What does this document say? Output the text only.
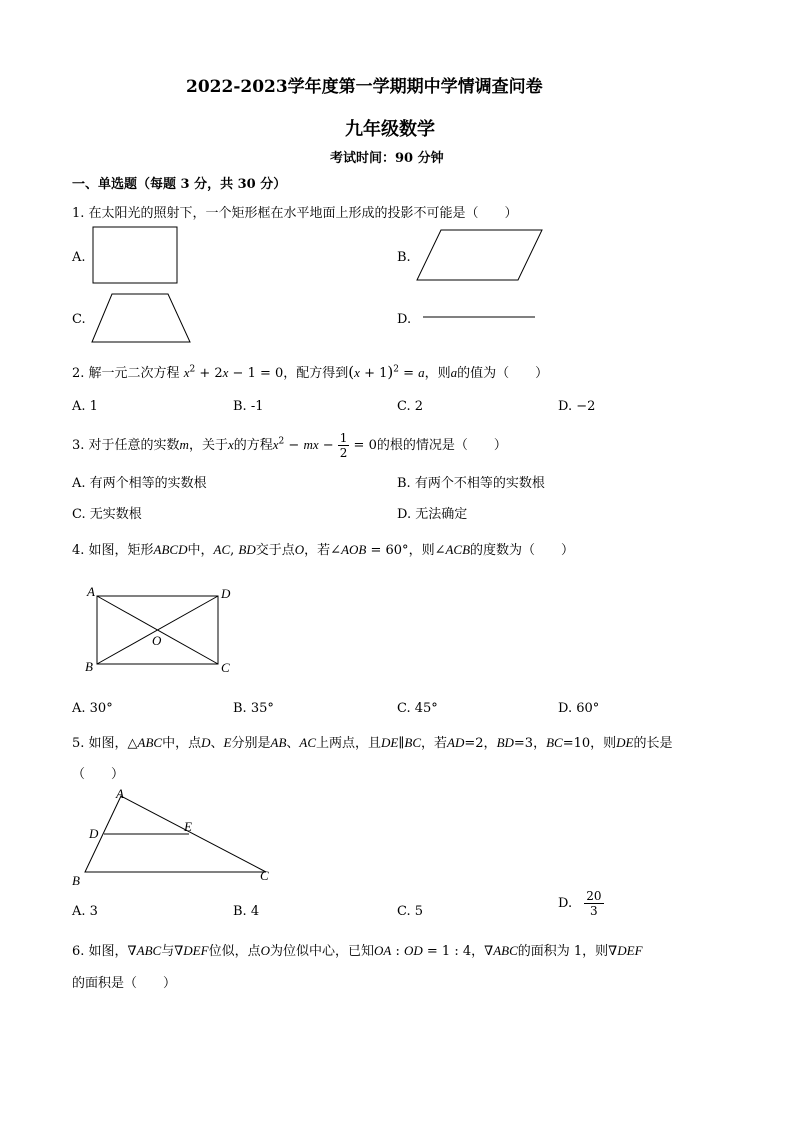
2022-2023学年度第一学期期中学情调查问卷
九年级数学
考试时间：90 分钟
一、单选题（每题 3 分，共 30 分）
1. 在太阳光的照射下，一个矩形框在水平地面上形成的投影不可能是（　　）
A.	B.
C.	D.
2. 解一元二次方程 $x^2 + 2x - 1 = 0$，配方得到$(x + 1)^2 = a$，则a的值为（　　）
A. 1	B. -1	C. 2	D. −2
3. 对于任意的实数m，关于x的方程$x^2$ − mx − $\frac{1}{2} = 0$的根的情况是（　　）
A. 有两个相等的实数根	B. 有两个不相等的实数根
C. 无实数根	D. 无法确定
4. 如图，矩形ABCD中，AC, BD交于点O，若∠AOB = 60°，则∠ACB的度数为（　　）
A	D
B	C
O
A. 30°	B. 35°	C. 45°	D. 60°
5. 如图，△ABC中，点D、E分别是AB、AC上两点，且DE∥BC，若AD=2，BD=3，BC=10，则DE的长是
（　　）
A
D	E
B	C
A. 3	B. 4	C. 5
D. $\frac{20}{3}$
6. 如图，∇ABC与∇DEF位似，点O为位似中心，已知OA : OD = 1 : 4，∇ABC的面积为 1，则∇DEF
的面积是（　　）
